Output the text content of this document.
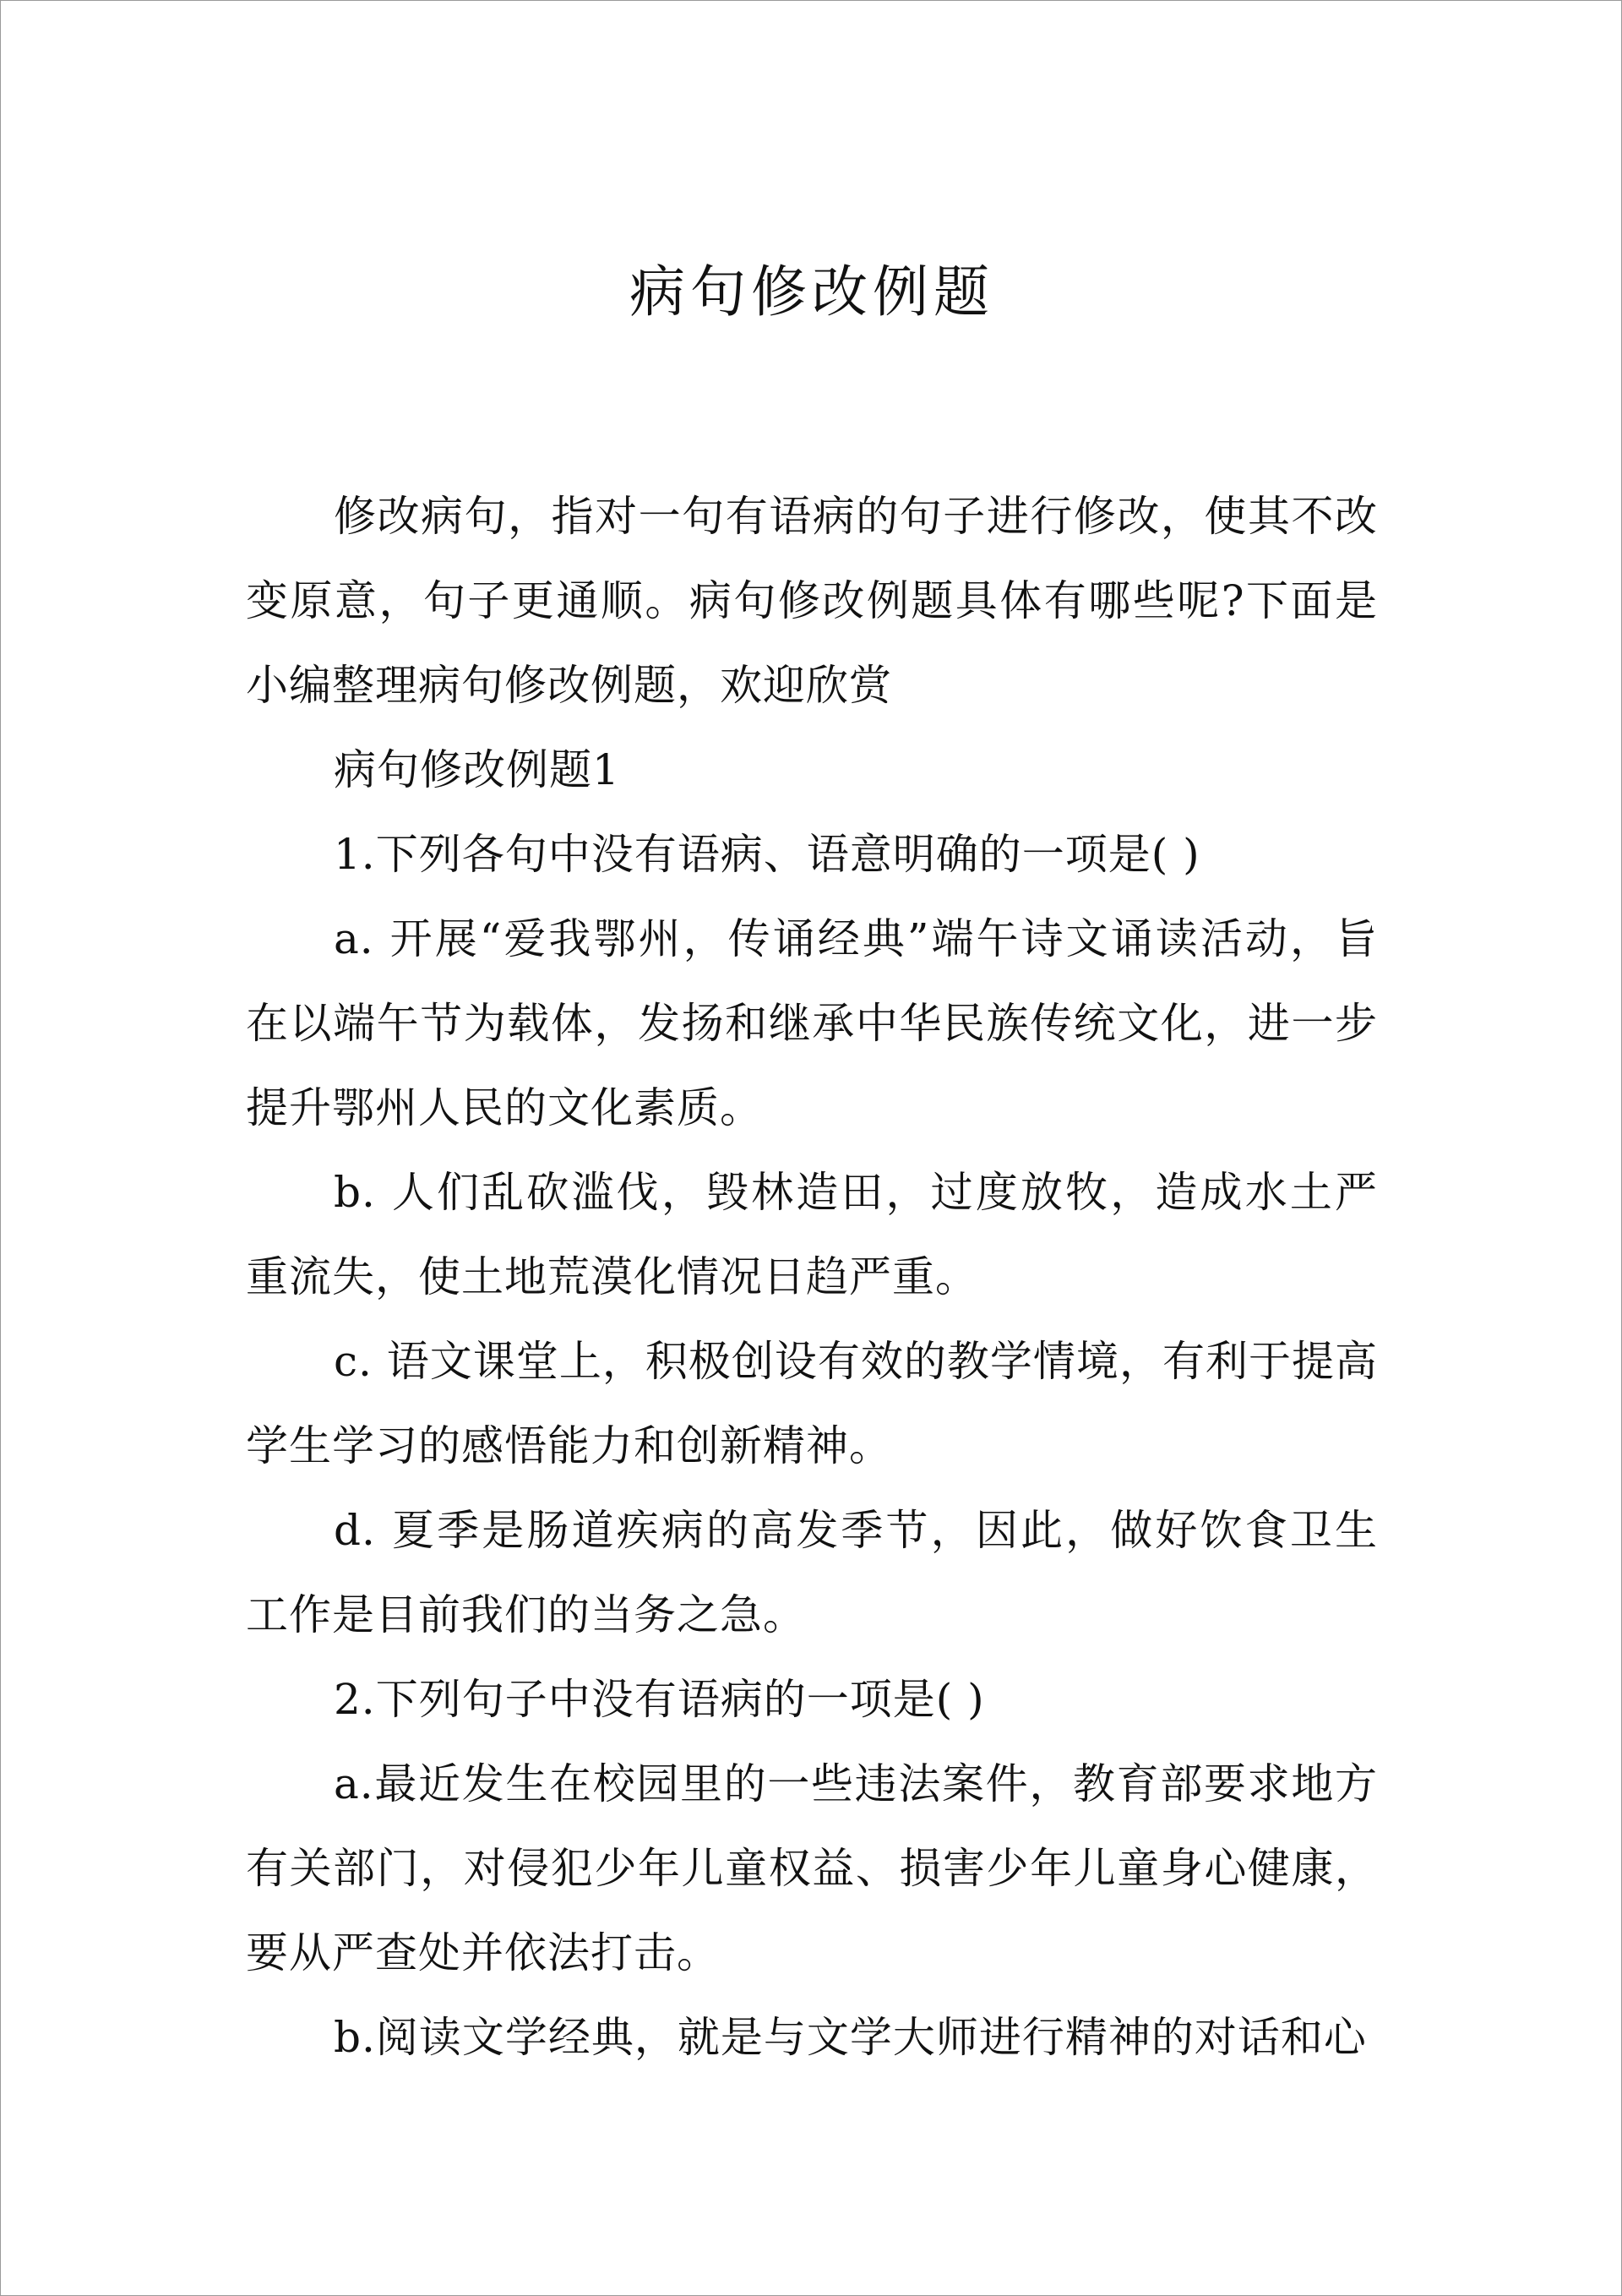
病句修改例题

修改病句，指对一句有语病的句子进行修改，使其不改变原意，句子更通顺。病句修改例题具体有哪些呢?下面是小编整理病句修改例题，欢迎欣赏

病句修改例题1

1.下列各句中没有语病、语意明确的一项是( )

a. 开展“爱我鄂州，传诵经典”端午诗文诵读活动，旨在以端午节为载体，发扬和继承中华民族传统文化，进一步提升鄂州人民的文化素质。

b. 人们乱砍滥伐，毁林造田，过度放牧，造成水土严重流失，使土地荒漠化情况日趋严重。

c. 语文课堂上，积极创设有效的教学情境，有利于提高学生学习的感悟能力和创新精神。

d. 夏季是肠道疾病的高发季节，因此，做好饮食卫生工作是目前我们的当务之急。

2.下列句子中没有语病的一项是( )

a.最近发生在校园里的一些违法案件，教育部要求地方有关部门，对侵犯少年儿童权益、损害少年儿童身心健康，要从严查处并依法打击。

b.阅读文学经典，就是与文学大师进行精神的对话和心
